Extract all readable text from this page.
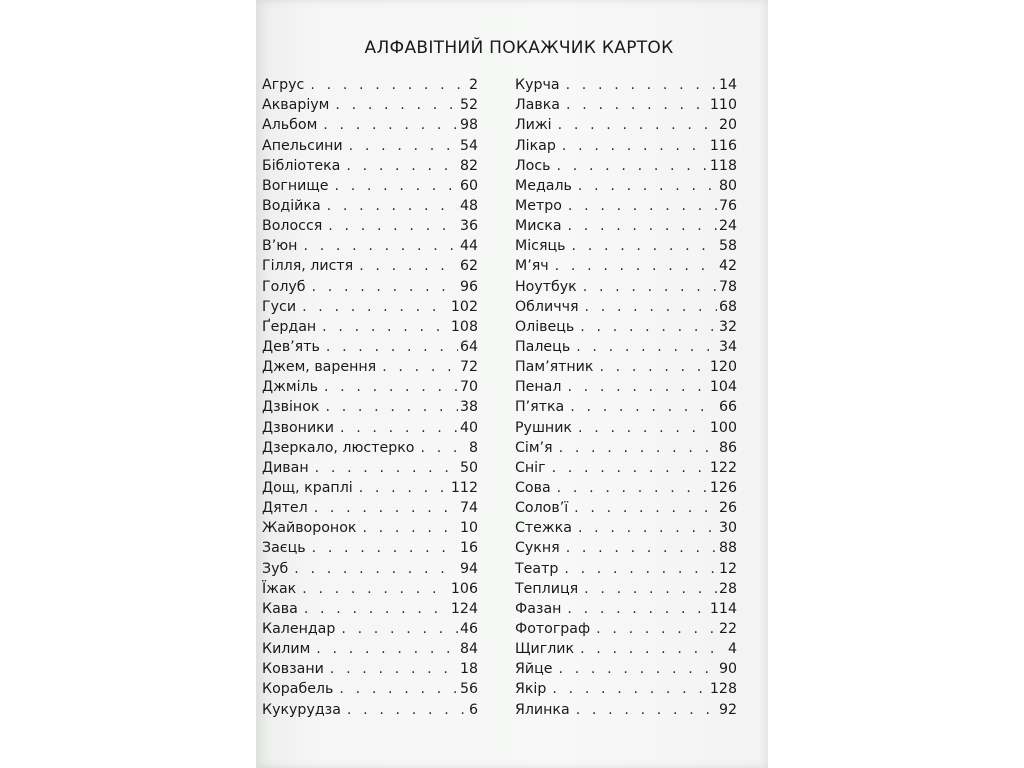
АЛФАВІТНИЙ ПОКАЖЧИК КАРТОК
Агрус . . .	2
Акваріум . . .	52
Альбом . . .	98
Апельсини . . .	54
Бібліотека . . .	82
Вогнище . . .	60
Водійка . . .	48
Волосся . . .	36
В’юн . . .	44
Гілля, листя . . .	62
Голуб . . .	96
Гуси . . .	102
Ґердан . . .	108
Дев’ять . . .	64
Джем, варення . . .	72
Джміль . . .	70
Дзвінок . . .	38
Дзвоники . . .	40
Дзеркало, люстерко . . .	8
Диван . . .	50
Дощ, краплі . . .	112
Дятел . . .	74
Жайворонок . . .	10
Заєць . . .	16
Зуб . . .	94
Їжак . . .	106
Кава . . .	124
Календар . . .	46
Килим . . .	84
Ковзани . . .	18
Корабель . . .	56
Кукурудза . . .	6
Курча . . .	14
Лавка . . .	110
Лижі . . .	20
Лікар . . .	116
Лось . . .	118
Медаль . . .	80
Метро . . .	76
Миска . . .	24
Місяць . . .	58
М’яч . . .	42
Ноутбук . . .	78
Обличчя . . .	68
Олівець . . .	32
Палець . . .	34
Пам’ятник . . .	120
Пенал . . .	104
П’ятка . . .	66
Рушник . . .	100
Сім’я . . .	86
Сніг . . .	122
Сова . . .	126
Солов’ї . . .	26
Стежка . . .	30
Сукня . . .	88
Театр . . .	12
Теплиця . . .	28
Фазан . . .	114
Фотограф . . .	22
Щиглик . . .	4
Яйце . . .	90
Якір . . .	128
Ялинка . . .	92
